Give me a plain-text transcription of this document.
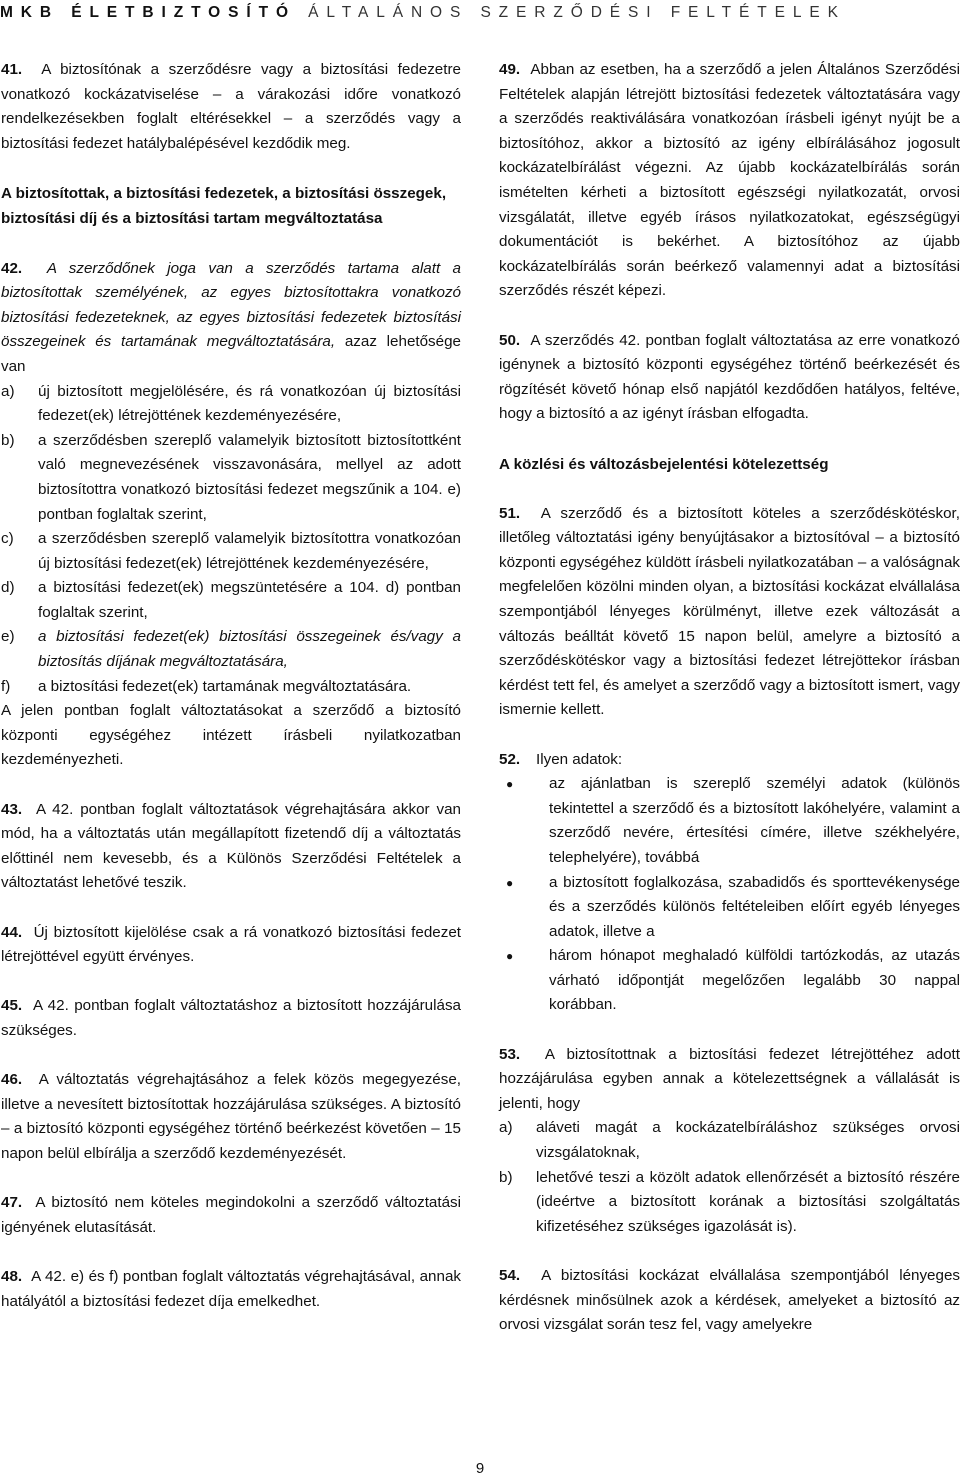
MKB ÉLETBIZTOSÍTÓ ÁLTALÁNOS SZERZŐDÉSI FELTÉTELEK

41. A biztosítónak a szerződésre vagy a biztosítási fedezetre vonatkozó kockázatviselése – a várakozási időre vonatkozó rendelkezésekben foglalt eltérésekkel – a szerződés vagy a biztosítási fedezet hatálybalépésével kezdődik meg.

A biztosítottak, a biztosítási fedezetek, a biztosítási összegek, biztosítási díj és a biztosítási tartam megváltoztatása

42. A szerződőnek joga van a szerződés tartama alatt a biztosítottak személyének, az egyes biztosítottakra vonatkozó biztosítási fedezeteknek, az egyes biztosítási fedezetek biztosítási összegeinek és tartamának megváltoztatására, azaz lehetősége van

a)	új biztosított megjelölésére, és rá vonatkozóan új biztosítási fedezet(ek) létrejöttének kezdeményezésére,
b)	a szerződésben szereplő valamelyik biztosított biztosítottként való megnevezésének visszavonására, mellyel az adott biztosítottra vonatkozó biztosítási fedezet megszűnik a 104. e) pontban foglaltak szerint,
c)	a szerződésben szereplő valamelyik biztosítottra vonatkozóan új biztosítási fedezet(ek) létrejöttének kezdeményezésére,
d)	a biztosítási fedezet(ek) megszüntetésére a 104. d) pontban foglaltak szerint,
e)	a biztosítási fedezet(ek) biztosítási összegeinek és/vagy a biztosítás díjának megváltoztatására,
f)	a biztosítási fedezet(ek) tartamának megváltoztatására.

A jelen pontban foglalt változtatásokat a szerződő a biztosító központi egységéhez intézett írásbeli nyilatkozatban kezdeményezheti.

43. A 42. pontban foglalt változtatások végrehajtására akkor van mód, ha a változtatás után megállapított fizetendő díj a változtatás előttinél nem kevesebb, és a Különös Szerződési Feltételek a változtatást lehetővé teszik.

44. Új biztosított kijelölése csak a rá vonatkozó biztosítási fedezet létrejöttével együtt érvényes.

45. A 42. pontban foglalt változtatáshoz a biztosított hozzájárulása szükséges.

46. A változtatás végrehajtásához a felek közös megegyezése, illetve a nevesített biztosítottak hozzájárulása szükséges. A biztosító – a biztosító központi egységéhez történő beérkezést követően – 15 napon belül elbírálja a szerződő kezdeményezését.

47. A biztosító nem köteles megindokolni a szerződő változtatási igényének elutasítását.

48. A 42. e) és f) pontban foglalt változtatás végrehajtásával, annak hatályától a biztosítási fedezet díja emelkedhet.

49. Abban az esetben, ha a szerződő a jelen Általános Szerződési Feltételek alapján létrejött biztosítási fedezetek változtatására vagy a szerződés reaktiválására vonatkozóan írásbeli igényt nyújt be a biztosítóhoz, akkor a biztosító az igény elbírálásához jogosult kockázatelbírálást végezni. Az újabb kockázatelbírálás során ismételten kérheti a biztosított egészségi nyilatkozatát, orvosi vizsgálatát, illetve egyéb írásos nyilatkozatokat, egészségügyi dokumentációt is bekérhet. A biztosítóhoz az újabb kockázatelbírálás során beérkező valamennyi adat a biztosítási szerződés részét képezi.

50. A szerződés 42. pontban foglalt változtatása az erre vonatkozó igénynek a biztosító központi egységéhez történő beérkezését és rögzítését követő hónap első napjától kezdődően hatályos, feltéve, hogy a biztosító a az igényt írásban elfogadta.

A közlési és változásbejelentési kötelezettség

51. A szerződő és a biztosított köteles a szerződéskötéskor, illetőleg változtatási igény benyújtásakor a biztosítóval – a biztosító központi egységéhez küldött írásbeli nyilatkozatában – a valóságnak megfelelően közölni minden olyan, a biztosítási kockázat elvállalása szempontjából lényeges körülményt, illetve ezek változását a változás beálltát követő 15 napon belül, amelyre a biztosító a szerződéskötéskor vagy a biztosítási fedezet létrejöttekor írásban kérdést tett fel, és amelyet a szerződő vagy a biztosított ismert, vagy ismernie kellett.

52.	Ilyen adatok:
●	az ajánlatban is szereplő személyi adatok (különös tekintettel a szerződő és a biztosított lakóhelyére, valamint a szerződő nevére, értesítési címére, illetve székhelyére, telephelyére), továbbá
●	a biztosított foglalkozása, szabadidős és sporttevékenysége és a szerződés különös feltételeiben előírt egyéb lényeges adatok, illetve a
●	három hónapot meghaladó külföldi tartózkodás, az utazás várható időpontját megelőzően legalább 30 nappal korábban.

53. A biztosítottnak a biztosítási fedezet létrejöttéhez adott hozzájárulása egyben annak a kötelezettségnek a vállalását is jelenti, hogy

a)	aláveti magát a kockázatelbíráláshoz szükséges orvosi vizsgálatoknak,
b)	lehetővé teszi a közölt adatok ellenőrzését a biztosító részére (ideértve a biztosított korának a biztosítási szolgáltatás kifizetéséhez szükséges igazolását is).

54. A biztosítási kockázat elvállalása szempontjából lényeges kérdésnek minősülnek azok a kérdések, amelyeket a biztosító az orvosi vizsgálat során tesz fel, vagy amelyekre

9
